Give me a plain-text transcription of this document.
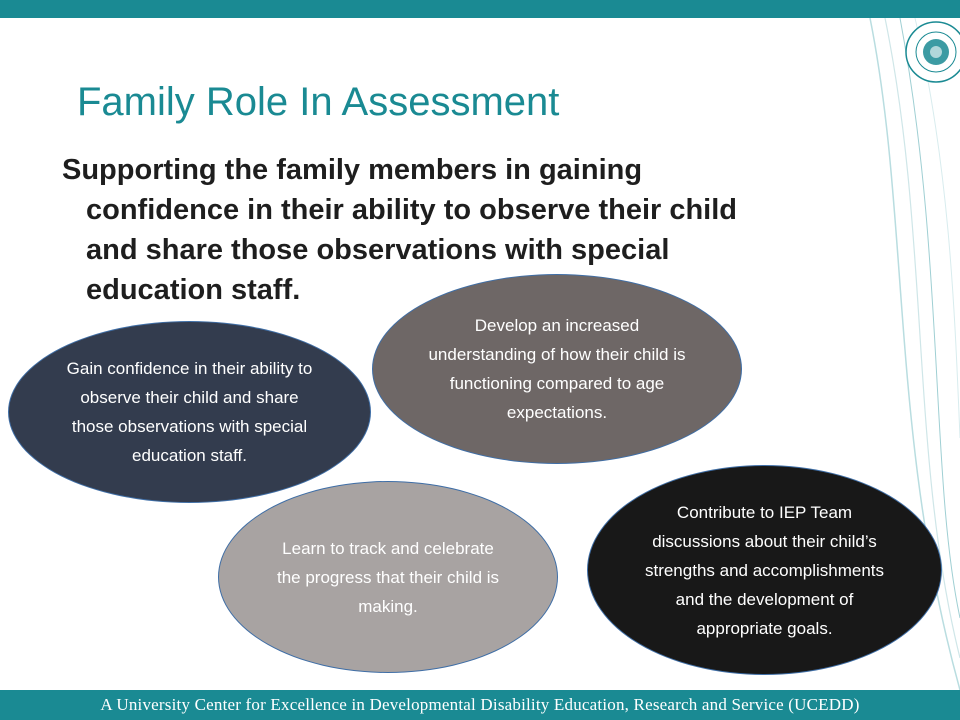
Family Role In Assessment

Supporting the family members in gaining confidence in their ability to observe their child and share those observations with special education staff.

Develop an increased understanding of how their child is functioning compared to age expectations.
Gain confidence in their ability to observe their child and share those observations with special education staff.
Learn to track and celebrate the progress that their child is making.
Contribute to IEP Team discussions about their child’s strengths and accomplishments and the development of appropriate goals.
A University Center for Excellence in Developmental Disability Education, Research and Service (UCEDD)
